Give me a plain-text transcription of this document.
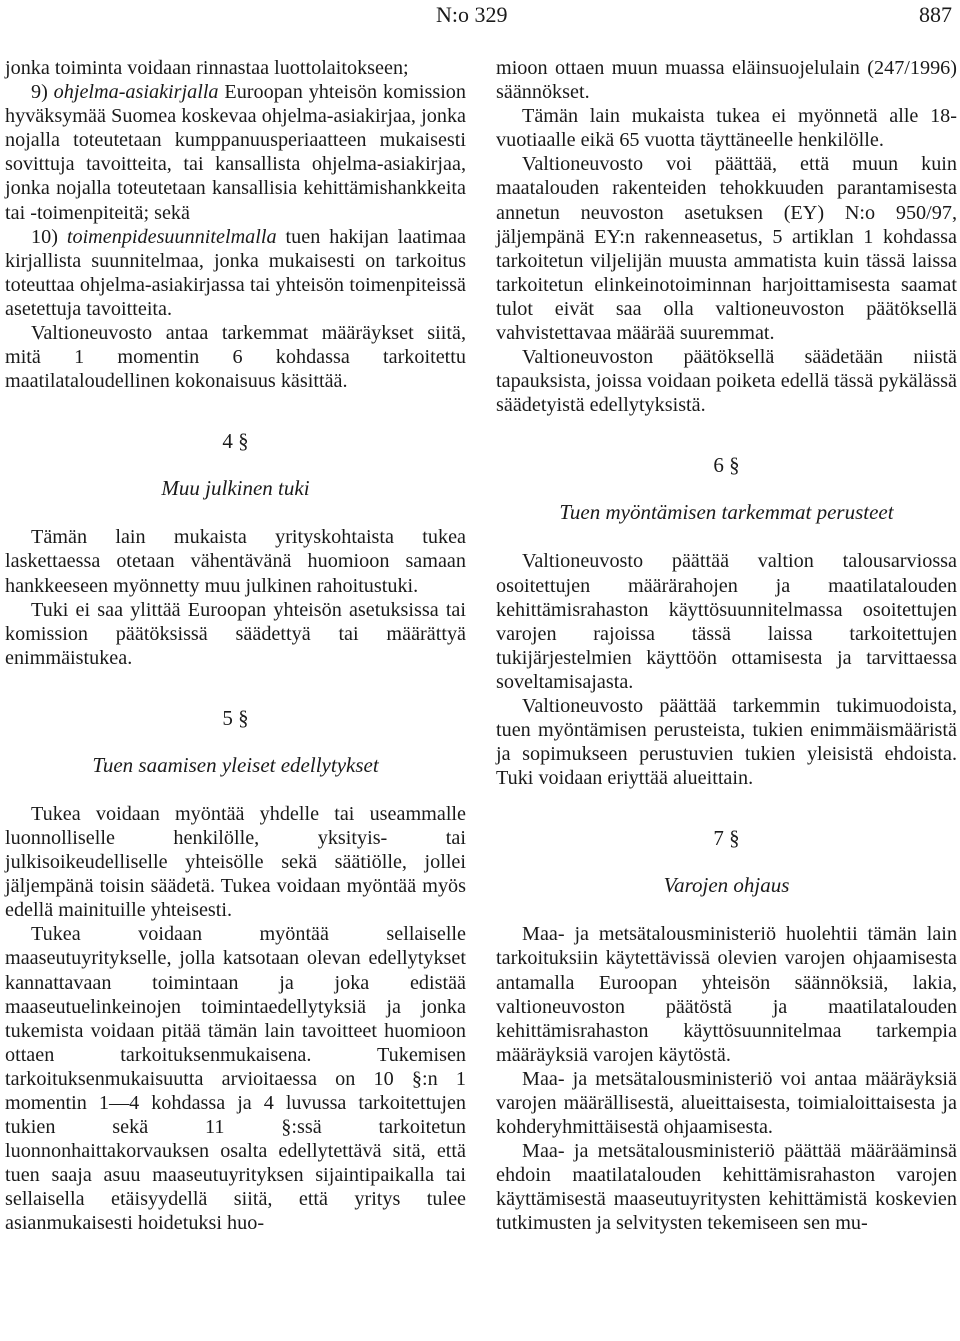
N:o 329	887

jonka toiminta voidaan rinnastaa luottolaitokseen;

9) ohjelma-asiakirjalla Euroopan yhteisön komission hyväksymää Suomea koskevaa ohjelma-asiakirjaa, jonka nojalla toteutetaan kumppanuusperiaatteen mukaisesti sovittuja tavoitteita, tai kansallista ohjelma-asiakirjaa, jonka nojalla toteutetaan kansallisia kehittämishankkeita tai -toimenpiteitä; sekä

10) toimenpidesuunnitelmalla tuen hakijan laatimaa kirjallista suunnitelmaa, jonka mukaisesti on tarkoitus toteuttaa ohjelma-asiakirjassa tai yhteisön toimenpiteissä asetettuja tavoitteita.

Valtioneuvosto antaa tarkemmat määräykset siitä, mitä 1 momentin 6 kohdassa tarkoitettu maatilataloudellinen kokonaisuus käsittää.

4 §

Muu julkinen tuki

Tämän lain mukaista yrityskohtaista tukea laskettaessa otetaan vähentävänä huomioon samaan hankkeeseen myönnetty muu julkinen rahoitustuki.

Tuki ei saa ylittää Euroopan yhteisön asetuksissa tai komission päätöksissä säädettyä tai määrättyä enimmäistukea.

5 §

Tuen saamisen yleiset edellytykset

Tukea voidaan myöntää yhdelle tai useammalle luonnolliselle henkilölle, yksityis- tai julkisoikeudelliselle yhteisölle sekä säätiölle, jollei jäljempänä toisin säädetä. Tukea voidaan myöntää myös edellä mainituille yhteisesti.

Tukea voidaan myöntää sellaiselle maaseutuyritykselle, jolla katsotaan olevan edellytykset kannattavaan toimintaan ja joka edistää maaseutuelinkeinojen toimintaedellytyksiä ja jonka tukemista voidaan pitää tämän lain tavoitteet huomioon ottaen tarkoituksenmukaisena. Tukemisen tarkoituksenmukaisuutta arvioitaessa on 10 §:n 1 momentin 1—4 kohdassa ja 4 luvussa tarkoitettujen tukien sekä 11 §:ssä tarkoitetun luonnonhaittakorvauksen osalta edellytettävä sitä, että tuen saaja asuu maaseutuyrityksen sijaintipaikalla tai sellaisella etäisyydellä siitä, että yritys tulee asianmukaisesti hoidetuksi huo-

mioon ottaen muun muassa eläinsuojelulain (247/1996) säännökset.

Tämän lain mukaista tukea ei myönnetä alle 18-vuotiaalle eikä 65 vuotta täyttäneelle henkilölle.

Valtioneuvosto voi päättää, että muun kuin maatalouden rakenteiden tehokkuuden parantamisesta annetun neuvoston asetuksen (EY) N:o 950/97, jäljempänä EY:n rakenneasetus, 5 artiklan 1 kohdassa tarkoitetun viljelijän muusta ammatista kuin tässä laissa tarkoitetun elinkeinotoiminnan harjoittamisesta saamat tulot eivät saa olla valtioneuvoston päätöksellä vahvistettavaa määrää suuremmat.

Valtioneuvoston päätöksellä säädetään niistä tapauksista, joissa voidaan poiketa edellä tässä pykälässä säädetyistä edellytyksistä.

6 §

Tuen myöntämisen tarkemmat perusteet

Valtioneuvosto päättää valtion talousarviossa osoitettujen määrärahojen ja maatilatalouden kehittämisrahaston käyttösuunnitelmassa osoitettujen varojen rajoissa tässä laissa tarkoitettujen tukijärjestelmien käyttöön ottamisesta ja tarvittaessa soveltamisajasta.

Valtioneuvosto päättää tarkemmin tukimuodoista, tuen myöntämisen perusteista, tukien enimmäismääristä ja sopimukseen perustuvien tukien yleisistä ehdoista. Tuki voidaan eriyttää alueittain.

7 §

Varojen ohjaus

Maa- ja metsätalousministeriö huolehtii tämän lain tarkoituksiin käytettävissä olevien varojen ohjaamisesta antamalla Euroopan yhteisön säännöksiä, lakia, valtioneuvoston päätöstä ja maatilatalouden kehittämisrahaston käyttösuunnitelmaa tarkempia määräyksiä varojen käytöstä.

Maa- ja metsätalousministeriö voi antaa määräyksiä varojen määrällisestä, alueittaisesta, toimialoittaisesta ja kohderyhmittäisestä ohjaamisesta.

Maa- ja metsätalousministeriö päättää määrääminsä ehdoin maatilatalouden kehittämisrahaston varojen käyttämisestä maaseutuyritysten kehittämistä koskevien tutkimusten ja selvitysten tekemiseen sen mu-
